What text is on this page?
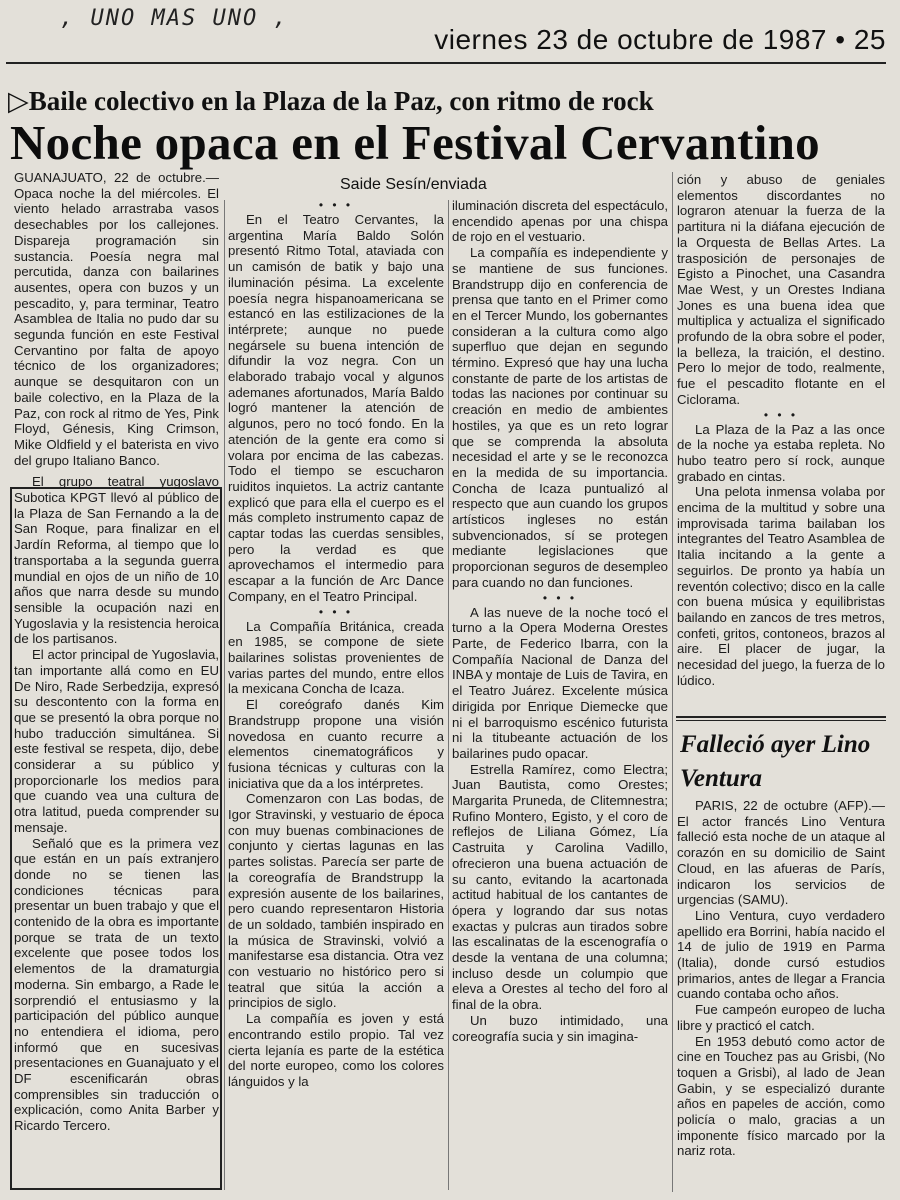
, UNO MAS UNO ,
viernes 23 de octubre de 1987 • 25
▷Baile colectivo en la Plaza de la Paz, con ritmo de rock
Noche opaca en el Festival Cervantino
Saide Sesín/enviada

GUANAJUATO, 22 de octubre.— Opaca noche la del miércoles. El viento helado arrastraba vasos desechables por los callejones. Dispareja programación sin sustancia. Poesía negra mal percutida, danza con bailarines ausentes, opera con buzos y un pescadito, y, para terminar, Teatro Asamblea de Italia no pudo dar su segunda función en este Festival Cervantino por falta de apoyo técnico de los organizadores; aunque se desquitaron con un baile colectivo, en la Plaza de la Paz, con rock al ritmo de Yes, Pink Floyd, Génesis, King Crimson, Mike Oldfield y el baterista en vivo del grupo Italiano Banco.

El grupo teatral yugoslavo Subotica KPGT llevó al público de la Plaza de San Fernando a la de San Roque, para finalizar en el Jardín Reforma, al tiempo que lo transportaba a la segunda guerra mundial en ojos de un niño de 10 años que narra desde su mundo sensible la ocupación nazi en Yugoslavia y la resistencia heroica de los partisanos.

El actor principal de Yugoslavia, tan importante allá como en EU De Niro, Rade Serbedzija, expresó su descontento con la forma en que se presentó la obra porque no hubo traducción simultánea. Si este festival se respeta, dijo, debe considerar a su público y proporcionarle los medios para que cuando vea una cultura de otra latitud, pueda comprender su mensaje.

Señaló que es la primera vez que están en un país extranjero donde no se tienen las condiciones técnicas para presentar un buen trabajo y que el contenido de la obra es importante porque se trata de un texto excelente que posee todos los elementos de la dramaturgia moderna. Sin embargo, a Rade le sorprendió el entusiasmo y la participación del público aunque no entendiera el idioma, pero informó que en sucesivas presentaciones en Guanajuato y el DF escenificarán obras comprensibles sin traducción o explicación, como Anita Barber y Ricardo Tercero.

• • •

En el Teatro Cervantes, la argentina María Baldo Solón presentó Ritmo Total, ataviada con un camisón de batik y bajo una iluminación pésima. La excelente poesía negra hispanoamericana se estancó en las estilizaciones de la intérprete; aunque no puede negársele su buena intención de difundir la voz negra. Con un elaborado trabajo vocal y algunos ademanes afortunados, María Baldo logró mantener la atención de algunos, pero no tocó fondo. En la atención de la gente era como si volara por encima de las cabezas. Todo el tiempo se escucharon ruiditos inquietos. La actriz cantante explicó que para ella el cuerpo es el más completo instrumento capaz de captar todas las cuerdas sensibles, pero la verdad es que aprovechamos el intermedio para escapar a la función de Arc Dance Company, en el Teatro Principal.

• • •

La Compañía Británica, creada en 1985, se compone de siete bailarines solistas provenientes de varias partes del mundo, entre ellos la mexicana Concha de Icaza.

El coreógrafo danés Kim Brandstrupp propone una visión novedosa en cuanto recurre a elementos cinematográficos y fusiona técnicas y culturas con la iniciativa que da a los intérpretes.

Comenzaron con Las bodas, de Igor Stravinski, y vestuario de época con muy buenas combinaciones de conjunto y ciertas lagunas en las partes solistas. Parecía ser parte de la coreografía de Brandstrupp la expresión ausente de los bailarines, pero cuando representaron Historia de un soldado, también inspirado en la música de Stravinski, volvió a manifestarse esa distancia. Otra vez con vestuario no histórico pero si teatral que sitúa la acción a principios de siglo.

La compañía es joven y está encontrando estilo propio. Tal vez cierta lejanía es parte de la estética del norte europeo, como los colores lánguidos y la

iluminación discreta del espectáculo, encendido apenas por una chispa de rojo en el vestuario.

La compañía es independiente y se mantiene de sus funciones. Brandstrupp dijo en conferencia de prensa que tanto en el Primer como en el Tercer Mundo, los gobernantes consideran a la cultura como algo superfluo que dejan en segundo término. Expresó que hay una lucha constante de parte de los artistas de todas las naciones por continuar su creación en medio de ambientes hostiles, ya que es un reto lograr que se comprenda la absoluta necesidad el arte y se le reconozca en la medida de su importancia. Concha de Icaza puntualizó al respecto que aun cuando los grupos artísticos ingleses no están subvencionados, sí se protegen mediante legislaciones que proporcionan seguros de desempleo para cuando no dan funciones.

• • •

A las nueve de la noche tocó el turno a la Opera Moderna Orestes Parte, de Federico Ibarra, con la Compañía Nacional de Danza del INBA y montaje de Luis de Tavira, en el Teatro Juárez. Excelente música dirigida por Enrique Diemecke que ni el barroquismo escénico futurista ni la titubeante actuación de los bailarines pudo opacar.

Estrella Ramírez, como Electra; Juan Bautista, como Orestes; Margarita Pruneda, de Clitemnestra; Rufino Montero, Egisto, y el coro de reflejos de Liliana Gómez, Lía Castruita y Carolina Vadillo, ofrecieron una buena actuación de su canto, evitando la acartonada actitud habitual de los cantantes de ópera y logrando dar sus notas exactas y pulcras aun tirados sobre las escalinatas de la escenografía o desde la ventana de una columna; incluso desde un columpio que eleva a Orestes al techo del foro al final de la obra.

Un buzo intimidado, una coreografía sucia y sin imagina-

ción y abuso de geniales elementos discordantes no lograron atenuar la fuerza de la partitura ni la diáfana ejecución de la Orquesta de Bellas Artes. La trasposición de personajes de Egisto a Pinochet, una Casandra Mae West, y un Orestes Indiana Jones es una buena idea que multiplica y actualiza el significado profundo de la obra sobre el poder, la belleza, la traición, el destino. Pero lo mejor de todo, realmente, fue el pescadito flotante en el Ciclorama.

• • •

La Plaza de la Paz a las once de la noche ya estaba repleta. No hubo teatro pero sí rock, aunque grabado en cintas.

Una pelota inmensa volaba por encima de la multitud y sobre una improvisada tarima bailaban los integrantes del Teatro Asamblea de Italia incitando a la gente a seguirlos. De pronto ya había un reventón colectivo; disco en la calle con buena música y equilibristas bailando en zancos de tres metros, confeti, gritos, contoneos, brazos al aire. El placer de jugar, la necesidad del juego, la fuerza de lo lúdico.

Falleció ayer Lino Ventura

PARIS, 22 de octubre (AFP).— El actor francés Lino Ventura falleció esta noche de un ataque al corazón en su domicilio de Saint Cloud, en las afueras de París, indicaron los servicios de urgencias (SAMU).

Lino Ventura, cuyo verdadero apellido era Borrini, había nacido el 14 de julio de 1919 en Parma (Italia), donde cursó estudios primarios, antes de llegar a Francia cuando contaba ocho años.

Fue campeón europeo de lucha libre y practicó el catch.

En 1953 debutó como actor de cine en Touchez pas au Grisbi, (No toquen a Grisbi), al lado de Jean Gabin, y se especializó durante años en papeles de acción, como policía o malo, gracias a un imponente físico marcado por la nariz rota.
